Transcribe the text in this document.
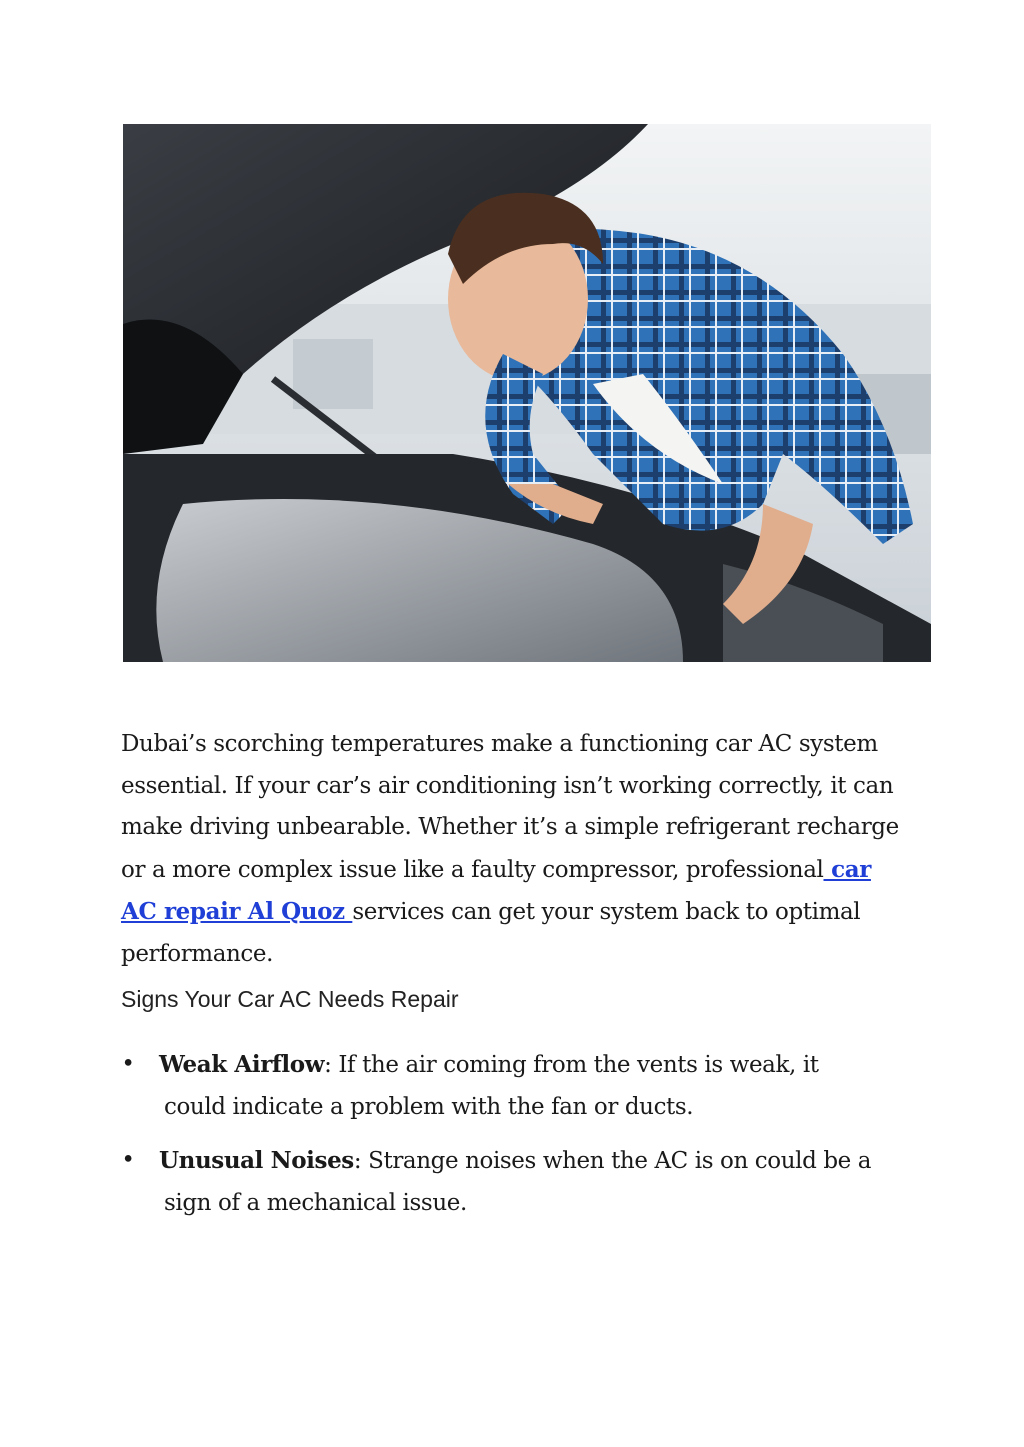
Dubai’s scorching temperatures make a functioning car AC system essential. If your car’s air conditioning isn’t working correctly, it can make driving unbearable. Whether it’s a simple refrigerant recharge or a more complex issue like a faulty compressor, professional car AC repair Al Quoz services can get your system back to optimal performance.

Signs Your Car AC Needs Repair
• Weak Airflow: If the air coming from the vents is weak, it
could indicate a problem with the fan or ducts.
• Unusual Noises: Strange noises when the AC is on could be a
sign of a mechanical issue.
